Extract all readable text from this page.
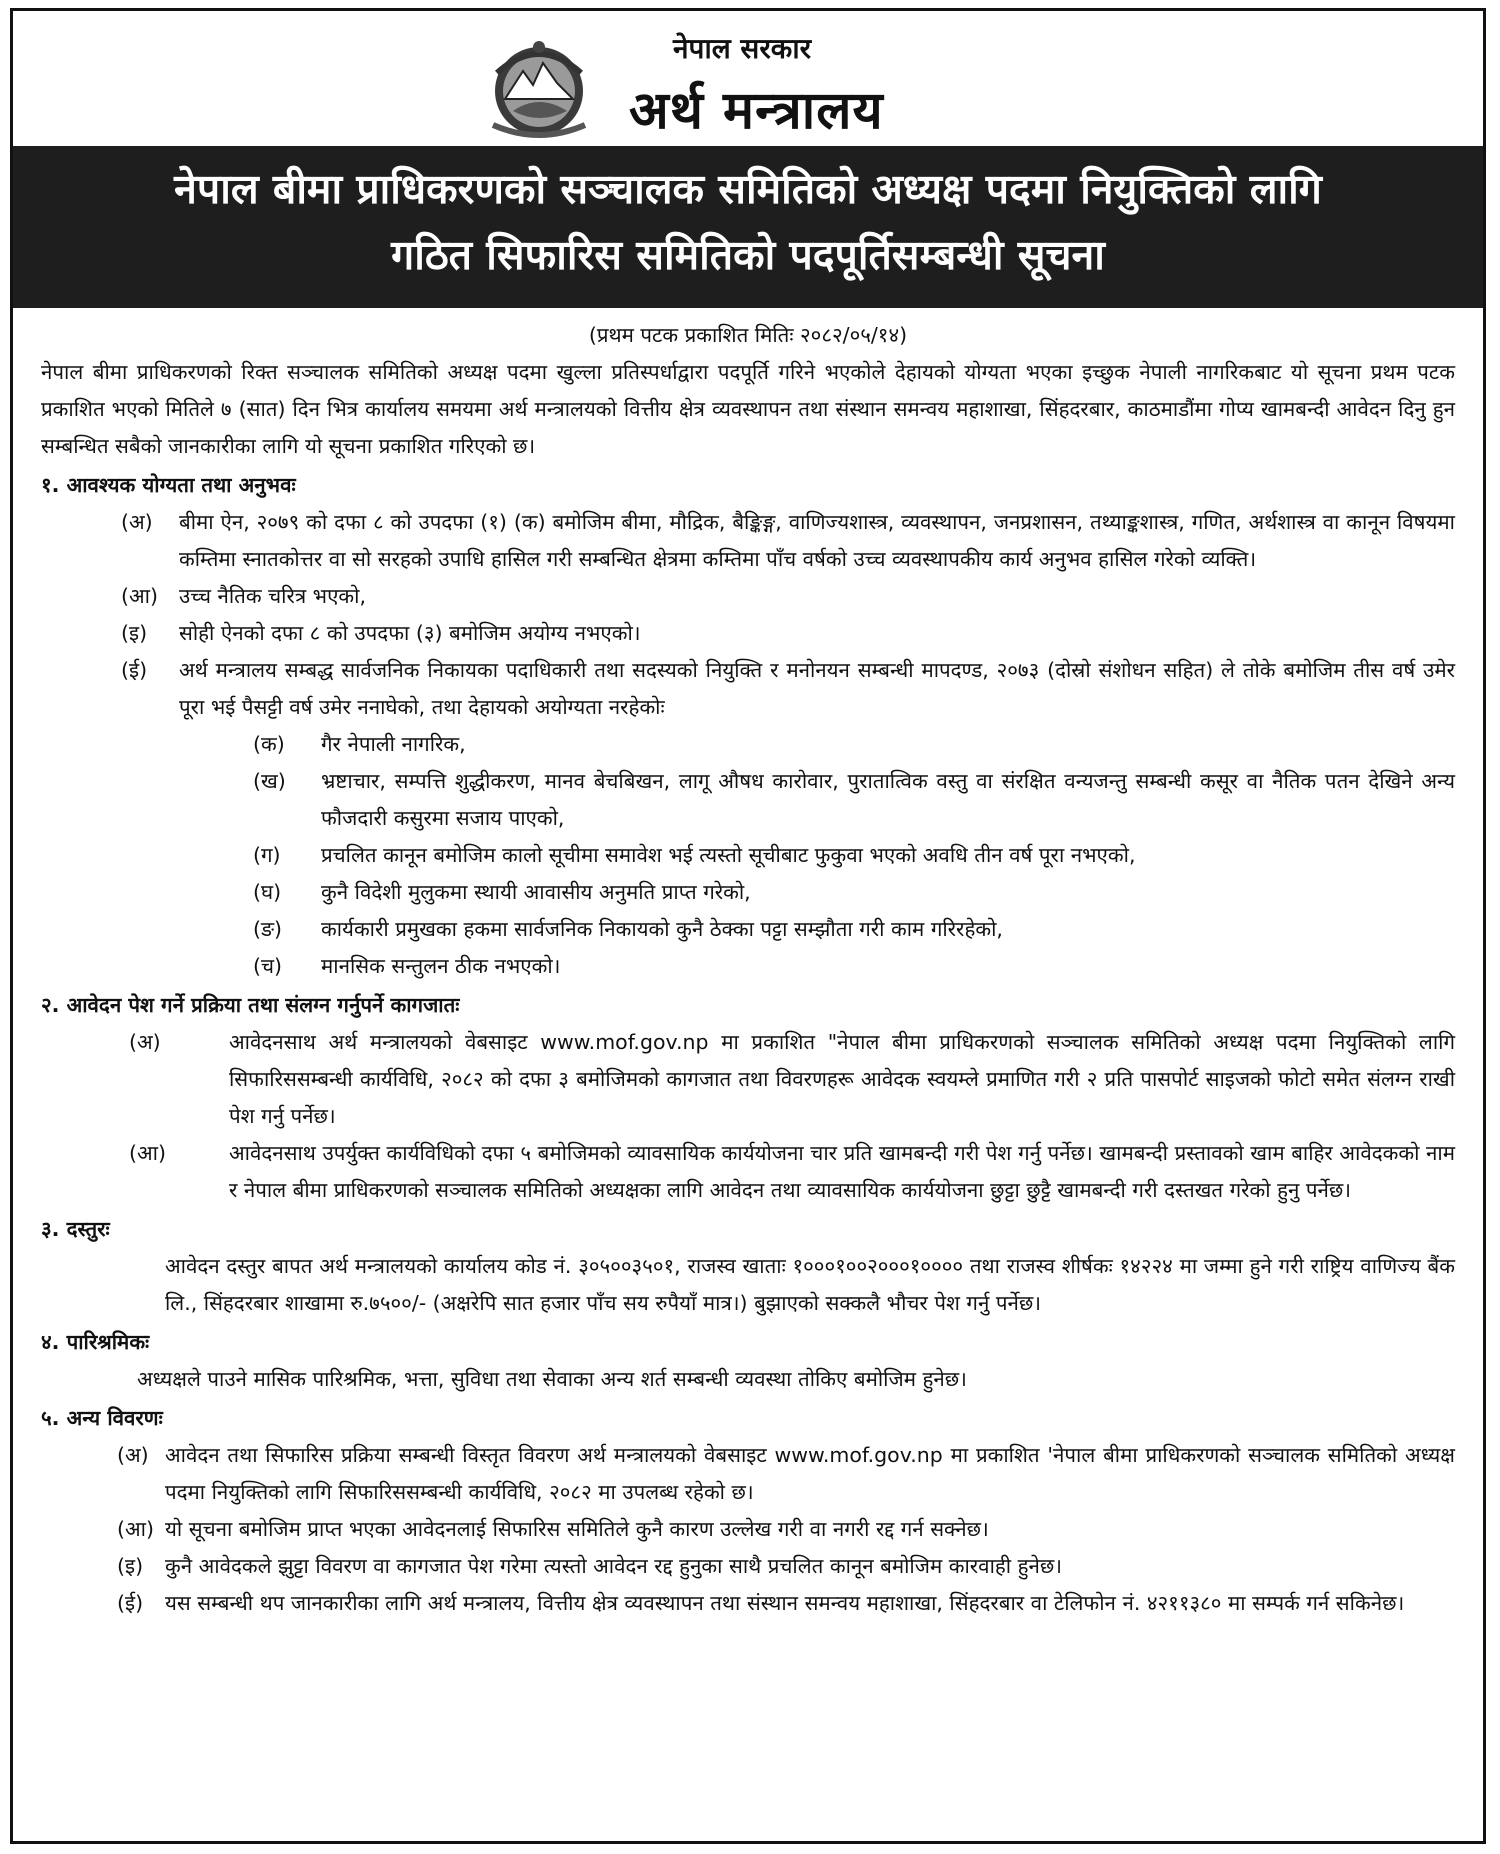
नेपाल सरकार
अर्थ मन्त्रालय
नेपाल बीमा प्राधिकरणको सञ्चालक समितिको अध्यक्ष पदमा नियुक्तिको लागि
गठित सिफारिस समितिको पदपूर्तिसम्बन्धी सूचना
(प्रथम पटक प्रकाशित मितिः २०८२/०५/१४)
नेपाल बीमा प्राधिकरणको रिक्त सञ्चालक समितिको अध्यक्ष पदमा खुल्ला प्रतिस्पर्धाद्वारा पदपूर्ति गरिने भएकोले देहायको योग्यता भएका इच्छुक नेपाली नागरिकबाट यो सूचना प्रथम पटक प्रकाशित भएको मितिले ७ (सात) दिन भित्र कार्यालय समयमा अर्थ मन्त्रालयको वित्तीय क्षेत्र व्यवस्थापन तथा संस्थान समन्वय महाशाखा, सिंहदरबार, काठमाडौंमा गोप्य खामबन्दी आवेदन दिनु हुन सम्बन्धित सबैको जानकारीका लागि यो सूचना प्रकाशित गरिएको छ।
१. आवश्यक योग्यता तथा अनुभवः
(अ)	बीमा ऐन, २०७९ को दफा ८ को उपदफा (१) (क) बमोजिम बीमा, मौद्रिक, बैङ्किङ्ग, वाणिज्यशास्त्र, व्यवस्थापन, जनप्रशासन, तथ्याङ्कशास्त्र, गणित, अर्थशास्त्र वा कानून विषयमा कम्तिमा स्नातकोत्तर वा सो सरहको उपाधि हासिल गरी सम्बन्धित क्षेत्रमा कम्तिमा पाँच वर्षको उच्च व्यवस्थापकीय कार्य अनुभव हासिल गरेको व्यक्ति।
(आ)	उच्च नैतिक चरित्र भएको,
(इ)	सोही ऐनको दफा ८ को उपदफा (३) बमोजिम अयोग्य नभएको।
(ई)	अर्थ मन्त्रालय सम्बद्ध सार्वजनिक निकायका पदाधिकारी तथा सदस्यको नियुक्ति र मनोनयन सम्बन्धी मापदण्ड, २०७३ (दोस्रो संशोधन सहित) ले तोके बमोजिम तीस वर्ष उमेर पूरा भई पैसट्टी वर्ष उमेर ननाघेको, तथा देहायको अयोग्यता नरहेकोः
(क)	गैर नेपाली नागरिक,
(ख)	भ्रष्टाचार, सम्पत्ति शुद्धीकरण, मानव बेचबिखन, लागू औषध कारोवार, पुरातात्विक वस्तु वा संरक्षित वन्यजन्तु सम्बन्धी कसूर वा नैतिक पतन देखिने अन्य फौजदारी कसुरमा सजाय पाएको,
(ग)	प्रचलित कानून बमोजिम कालो सूचीमा समावेश भई त्यस्तो सूचीबाट फुकुवा भएको अवधि तीन वर्ष पूरा नभएको,
(घ)	कुनै विदेशी मुलुकमा स्थायी आवासीय अनुमति प्राप्त गरेको,
(ङ)	कार्यकारी प्रमुखका हकमा सार्वजनिक निकायको कुनै ठेक्का पट्टा सम्झौता गरी काम गरिरहेको,
(च)	मानसिक सन्तुलन ठीक नभएको।
२. आवेदन पेश गर्ने प्रक्रिया तथा संलग्न गर्नुपर्ने कागजातः
(अ)	आवेदनसाथ अर्थ मन्त्रालयको वेबसाइट www.mof.gov.np मा प्रकाशित "नेपाल बीमा प्राधिकरणको सञ्चालक समितिको अध्यक्ष पदमा नियुक्तिको लागि सिफारिससम्बन्धी कार्यविधि, २०८२ को दफा ३ बमोजिमको कागजात तथा विवरणहरू आवेदक स्वयम्ले प्रमाणित गरी २ प्रति पासपोर्ट साइजको फोटो समेत संलग्न राखी पेश गर्नु पर्नेछ।
(आ)	आवेदनसाथ उपर्युक्त कार्यविधिको दफा ५ बमोजिमको व्यावसायिक कार्ययोजना चार प्रति खामबन्दी गरी पेश गर्नु पर्नेछ। खामबन्दी प्रस्तावको खाम बाहिर आवेदकको नाम र नेपाल बीमा प्राधिकरणको सञ्चालक समितिको अध्यक्षका लागि आवेदन तथा व्यावसायिक कार्ययोजना छुट्टा छुट्टै खामबन्दी गरी दस्तखत गरेको हुनु पर्नेछ।
३. दस्तुरः
आवेदन दस्तुर बापत अर्थ मन्त्रालयको कार्यालय कोड नं. ३०५००३५०१, राजस्व खाताः १०००१००२०००१०००० तथा राजस्व शीर्षकः १४२२४ मा जम्मा हुने गरी राष्ट्रिय वाणिज्य बैंक लि., सिंहदरबार शाखामा रु.७५००/- (अक्षरेपि सात हजार पाँच सय रुपैयाँ मात्र।) बुझाएको सक्कलै भौचर पेश गर्नु पर्नेछ।
४. पारिश्रमिकः
अध्यक्षले पाउने मासिक पारिश्रमिक, भत्ता, सुविधा तथा सेवाका अन्य शर्त सम्बन्धी व्यवस्था तोकिए बमोजिम हुनेछ।
५. अन्य विवरणः
(अ) आवेदन तथा सिफारिस प्रक्रिया सम्बन्धी विस्तृत विवरण अर्थ मन्त्रालयको वेबसाइट www.mof.gov.np मा प्रकाशित 'नेपाल बीमा प्राधिकरणको सञ्चालक समितिको अध्यक्ष पदमा नियुक्तिको लागि सिफारिससम्बन्धी कार्यविधि, २०८२ मा उपलब्ध रहेको छ।
(आ) यो सूचना बमोजिम प्राप्त भएका आवेदनलाई सिफारिस समितिले कुनै कारण उल्लेख गरी वा नगरी रद्द गर्न सक्नेछ।
(इ)	कुनै आवेदकले झुट्टा विवरण वा कागजात पेश गरेमा त्यस्तो आवेदन रद्द हुनुका साथै प्रचलित कानून बमोजिम कारवाही हुनेछ।
(ई)	यस सम्बन्धी थप जानकारीका लागि अर्थ मन्त्रालय, वित्तीय क्षेत्र व्यवस्थापन तथा संस्थान समन्वय महाशाखा, सिंहदरबार वा टेलिफोन नं. ४२११३८० मा सम्पर्क गर्न सकिनेछ।
